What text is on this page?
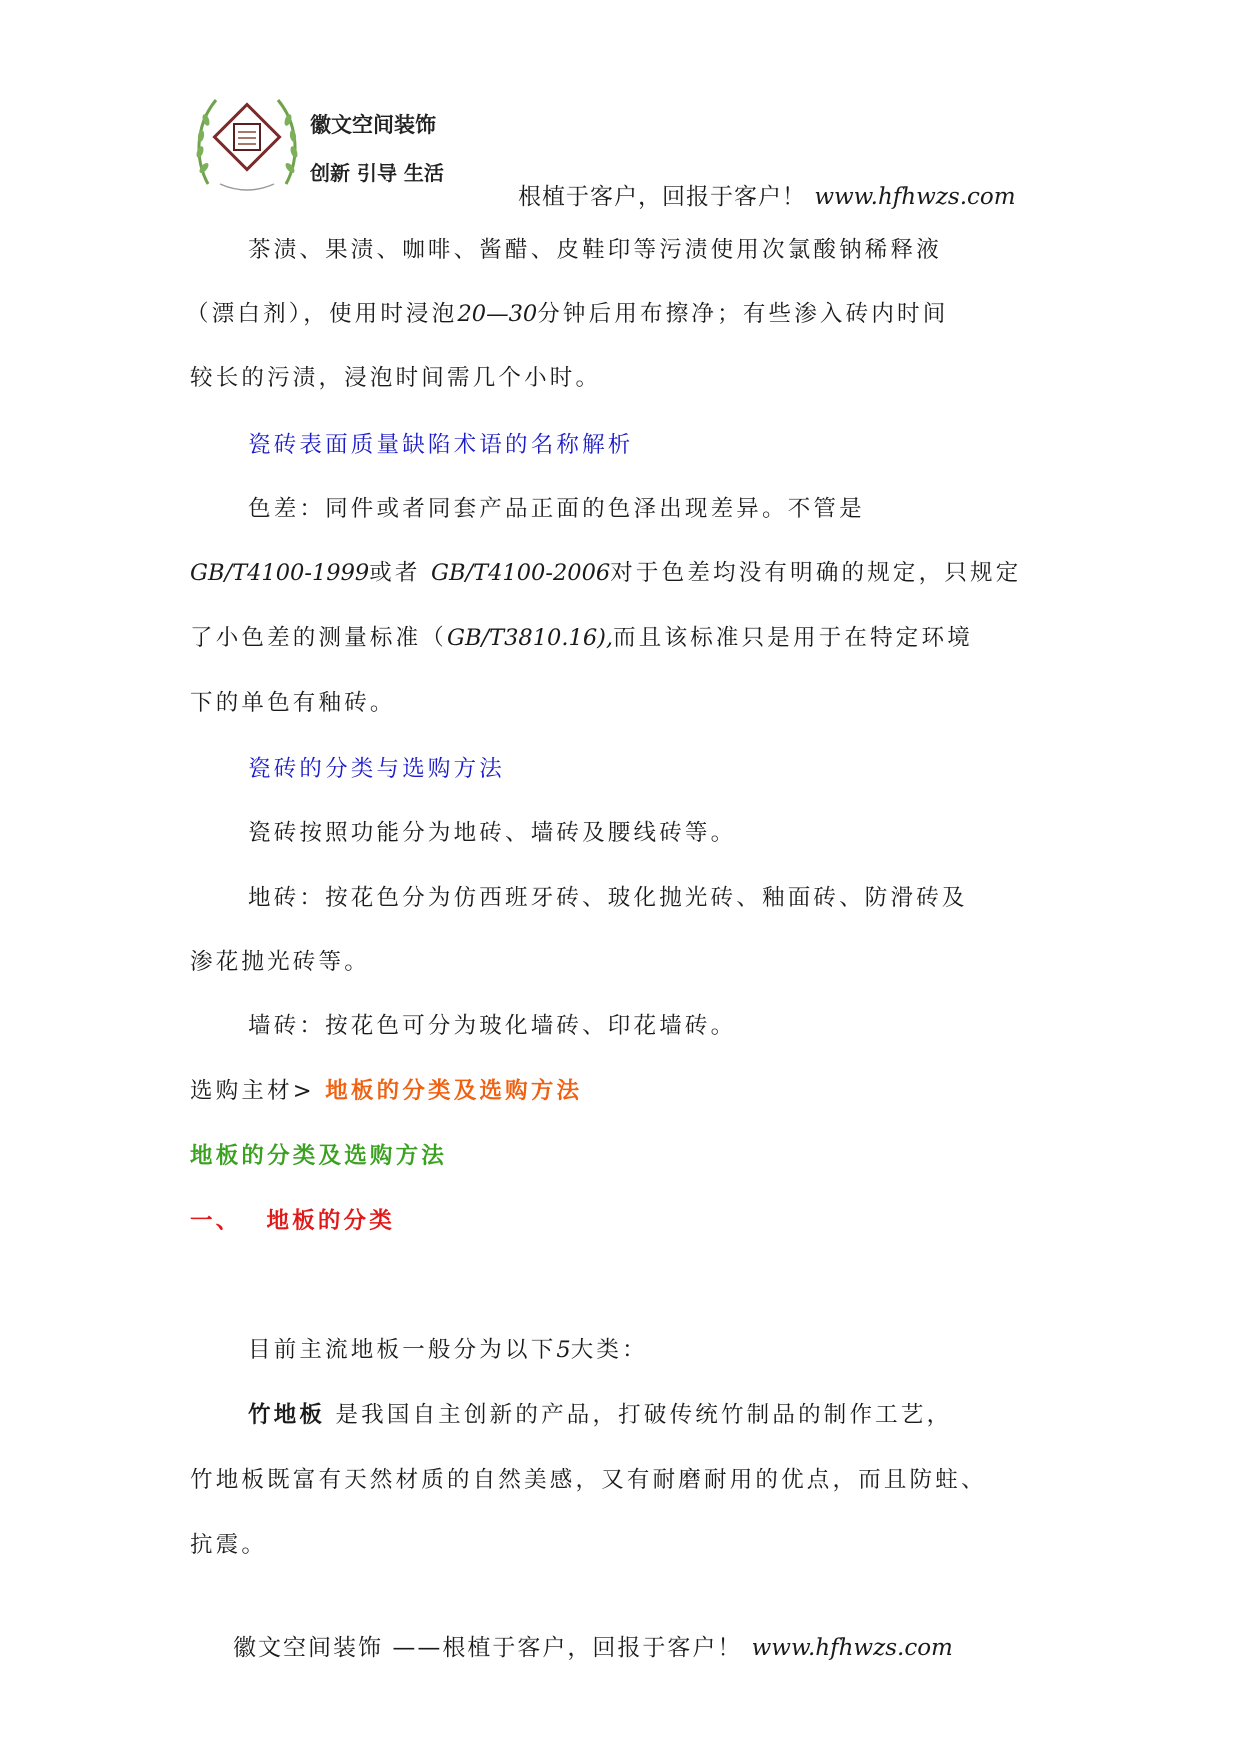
徽文空间装饰
创新 引导 生活
根植于客户，回报于客户！ www.hfhwzs.com
茶渍、果渍、咖啡、酱醋、皮鞋印等污渍使用次氯酸钠稀释液
（漂白剂），使用时浸泡20—30分钟后用布擦净；有些渗入砖内时间
较长的污渍，浸泡时间需几个小时。
瓷砖表面质量缺陷术语的名称解析
色差：同件或者同套产品正面的色泽出现差异。不管是
GB/T4100-1999或者 GB/T4100-2006对于色差均没有明确的规定，只规定
了小色差的测量标准（GB/T3810.16),而且该标准只是用于在特定环境
下的单色有釉砖。
瓷砖的分类与选购方法
瓷砖按照功能分为地砖、墙砖及腰线砖等。
地砖：按花色分为仿西班牙砖、玻化抛光砖、釉面砖、防滑砖及
渗花抛光砖等。
墙砖：按花色可分为玻化墙砖、印花墙砖。
选购主材> 地板的分类及选购方法
地板的分类及选购方法
一、 地板的分类
目前主流地板一般分为以下5大类：
竹地板 是我国自主创新的产品，打破传统竹制品的制作工艺，
竹地板既富有天然材质的自然美感，又有耐磨耐用的优点，而且防蛀、
抗震。
徽文空间装饰 ——根植于客户，回报于客户！ www.hfhwzs.com
